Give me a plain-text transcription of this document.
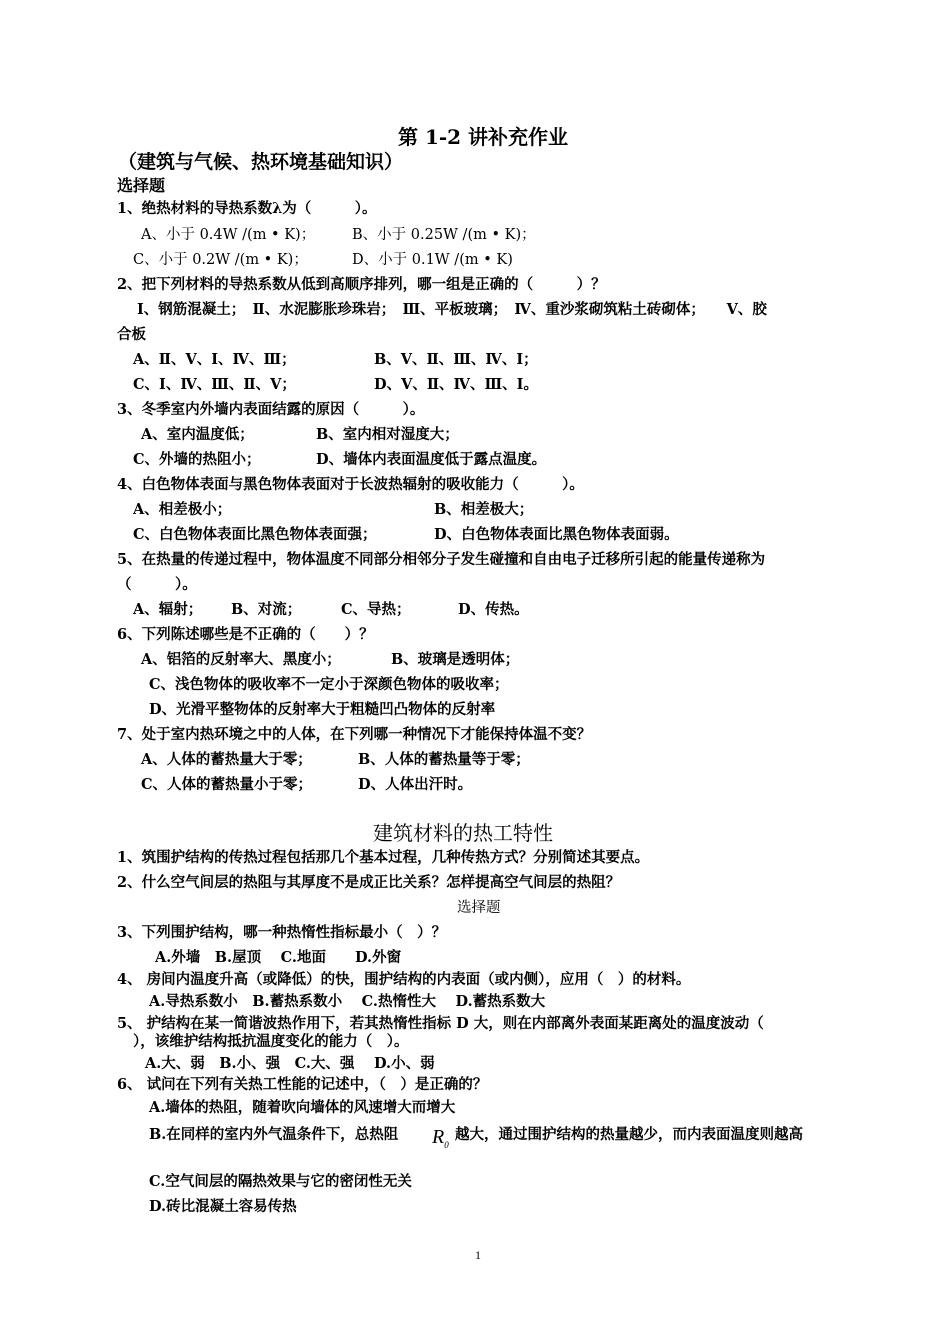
第 1-2 讲补充作业
（建筑与气候、热环境基础知识）
选择题
1、绝热材料的导热系数λ为（　　　）。
A、小于 0.4W /(m • K)；	B、小于 0.25W /(m • K)；
C、小于 0.2W /(m • K)；	D、小于 0.1W /(m • K)
2、把下列材料的导热系数从低到高顺序排列，哪一组是正确的（　　　）？
Ⅰ、钢筋混凝土；　Ⅱ、水泥膨胀珍珠岩；　Ⅲ、平板玻璃；　Ⅳ、重沙浆砌筑粘土砖砌体；　　Ⅴ、胶
合板
A、Ⅱ、Ⅴ、Ⅰ、Ⅳ、Ⅲ；	B、Ⅴ、Ⅱ、Ⅲ、Ⅳ、Ⅰ；
C、Ⅰ、Ⅳ、Ⅲ、Ⅱ、Ⅴ；	D、Ⅴ、Ⅱ、Ⅳ、Ⅲ、Ⅰ。
3、冬季室内外墙内表面结露的原因（　　　）。
A、室内温度低；	B、室内相对湿度大；
C、外墙的热阻小；	D、墙体内表面温度低于露点温度。
4、白色物体表面与黑色物体表面对于长波热辐射的吸收能力（　　　）。
A、相差极小；	B、相差极大；
C、白色物体表面比黑色物体表面强；	D、白色物体表面比黑色物体表面弱。
5、在热量的传递过程中，物体温度不同部分相邻分子发生碰撞和自由电子迁移所引起的能量传递称为
（　　　）。
A、辐射； B、对流；	C、导热；	D、传热。
6、下列陈述哪些是不正确的（　　）？
A、铝箔的反射率大、黑度小；	B、玻璃是透明体；
C、浅色物体的吸收率不一定小于深颜色物体的吸收率；
D、光滑平整物体的反射率大于粗糙凹凸物体的反射率
7、处于室内热环境之中的人体，在下列哪一种情况下才能保持体温不变？
A、人体的蓄热量大于零；	B、人体的蓄热量等于零；
C、人体的蓄热量小于零；	D、人体出汗时。
建筑材料的热工特性
1、筑围护结构的传热过程包括那几个基本过程，几种传热方式？分别简述其要点。
2、什么空气间层的热阻与其厚度不是成正比关系？怎样提高空气间层的热阻？
选择题
3、下列围护结构，哪一种热惰性指标最小（　）？
A.外墙　B.屋顶　 C.地面　　D.外窗
4、 房间内温度升高（或降低）的快，围护结构的内表面（或内侧），应用（　）的材料。
A.导热系数小　B.蓄热系数小　 C.热惰性大　 D.蓄热系数大
5、 护结构在某一简谐波热作用下，若其热惰性指标 D 大，则在内部离外表面某距离处的温度波动（
），该维护结构抵抗温度变化的能力（　）。
A.大、弱　B.小、强　C.大、强　 D.小、弱
6、 试问在下列有关热工性能的记述中，（　）是正确的？
A.墙体的热阻，随着吹向墙体的风速增大而增大
B.在同样的室内外气温条件下，总热阻 $R_0$
越大，通过围护结构的热量越少，而内表面温度则越高
C.空气间层的隔热效果与它的密闭性无关
D.砖比混凝土容易传热
1
